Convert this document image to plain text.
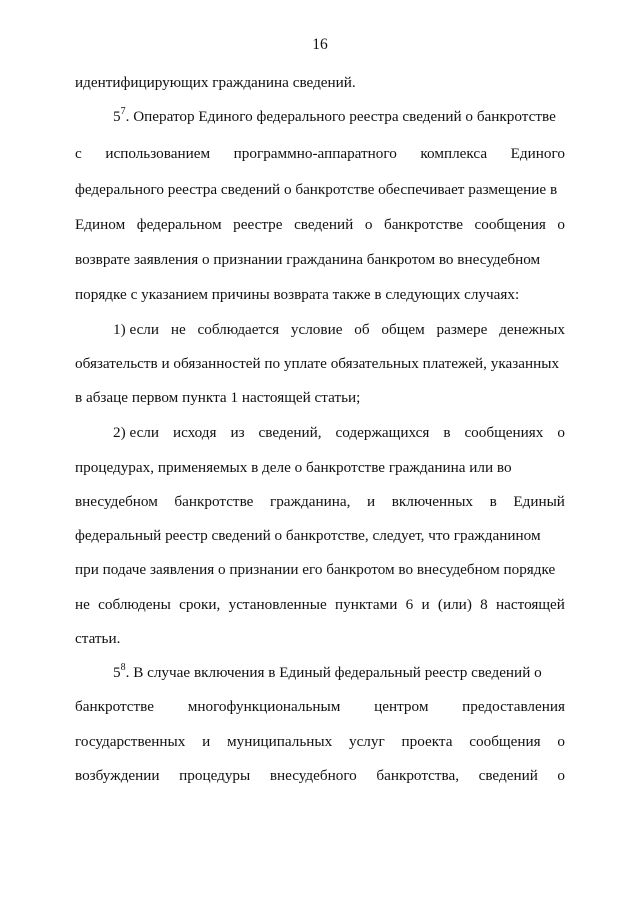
16
идентифицирующих гражданина сведений.
$5^7$. Оператор Единого федерального реестра сведений о банкротстве
с использованием программно-аппаратного комплекса Единого
федерального реестра сведений о банкротстве обеспечивает размещение в
Едином федеральном реестре сведений о банкротстве сообщения о
возврате заявления о признании гражданина банкротом во внесудебном
порядке с указанием причины возврата также в следующих случаях:
1) если не соблюдается условие об общем размере денежных
обязательств и обязанностей по уплате обязательных платежей, указанных
в абзаце первом пункта 1 настоящей статьи;
2) если исходя из сведений, содержащихся в сообщениях о
процедурах, применяемых в деле о банкротстве гражданина или во
внесудебном банкротстве гражданина, и включенных в Единый
федеральный реестр сведений о банкротстве, следует, что гражданином
при подаче заявления о признании его банкротом во внесудебном порядке
не соблюдены сроки, установленные пунктами 6 и (или) 8 настоящей
статьи.
$5^8$. В случае включения в Единый федеральный реестр сведений о
банкротстве многофункциональным центром предоставления
государственных и муниципальных услуг проекта сообщения о
возбуждении процедуры внесудебного банкротства, сведений о
